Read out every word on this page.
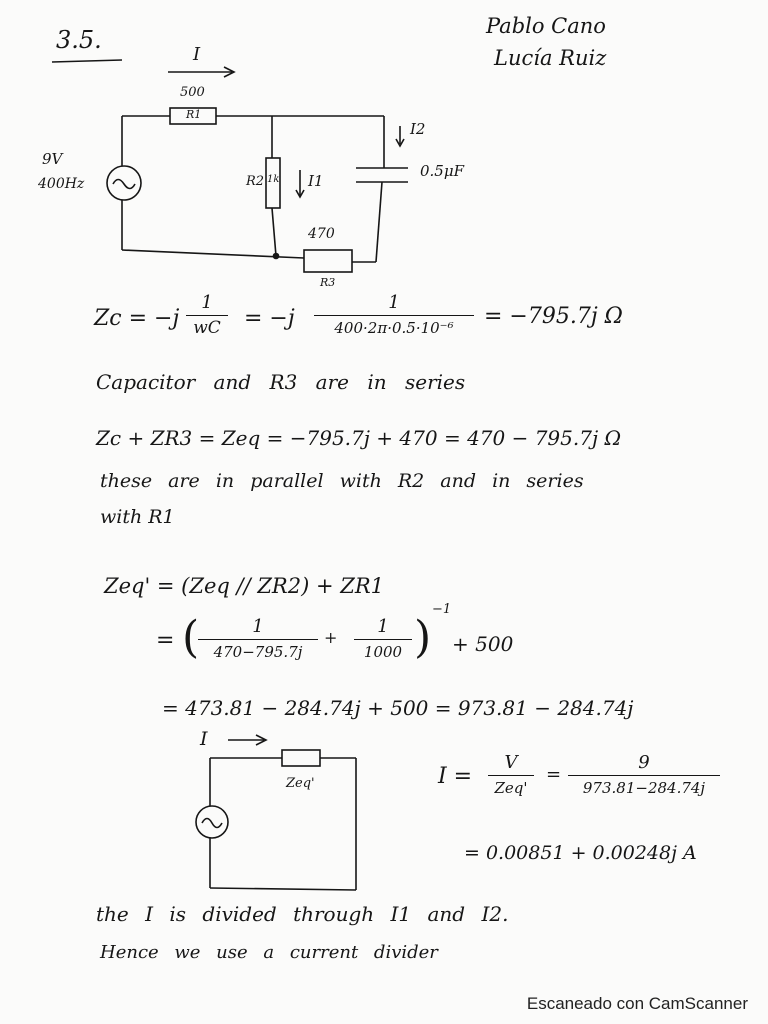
3.5.	Pablo Cano
Lucía Ruiz
I
500
R1
9V
400Hz	R2 1k I1
I2
0.5μF
470
R3
Zc = −j
1
wC	= −j
1
400·2π·0.5·10⁻⁶	= −795.7j Ω
Capacitor and R3 are in series
Zc + ZR3 = Zeq = −795.7j + 470 = 470 − 795.7j Ω
these are in parallel with R2 and in series
with R1
Zeq' = (Zeq // ZR2) + ZR1
= (	1
470−795.7j
+
1
1000 )
−1
+ 500
= 473.81 − 284.74j + 500 = 973.81 − 284.74j
I
Zeq'	I =
V
Zeq'
=
9
973.81−284.74j
= 0.00851 + 0.00248j A
the I is divided through I1 and I2.
Hence we use a current divider
Escaneado con CamScanner
